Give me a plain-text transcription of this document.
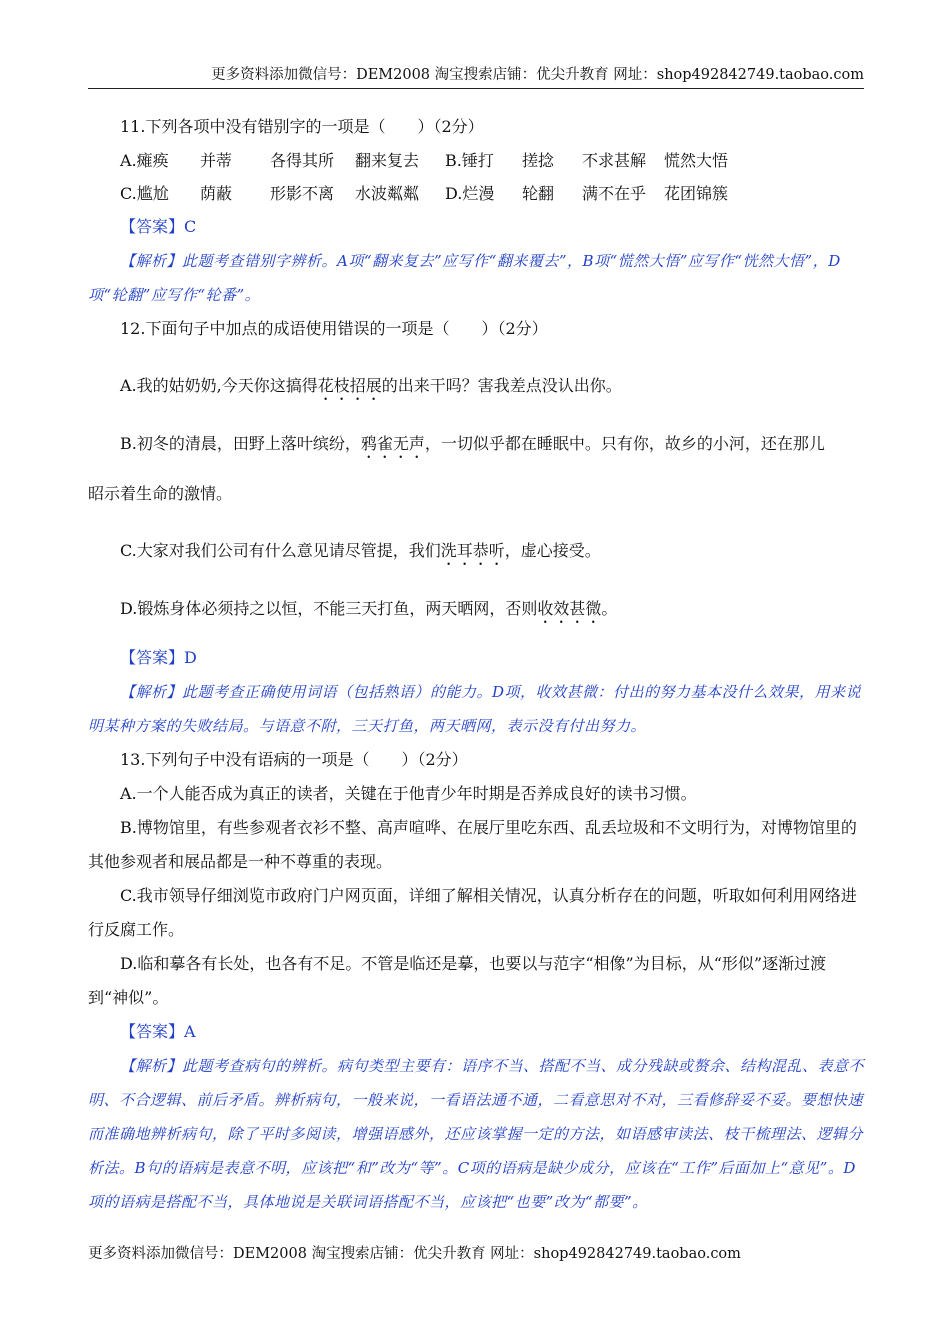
更多资料添加微信号：DEM2008 淘宝搜索店铺：优尖升教育 网址：shop492842749.taobao.com

11.下列各项中没有错别字的一项是（　　）（2分）

A.瘫痪	并蒂	各得其所	翻来复去	B.锤打	搓捻	不求甚解	慌然大悟
C.尴尬	荫蔽	形影不离	水波粼粼	D.烂漫	轮翻	满不在乎	花团锦簇

【答案】C

【解析】此题考查错别字辨析。A项“翻来复去”应写作“翻来覆去”，B项“慌然大悟”应写作“恍然大悟”，D项“轮翻”应写作“轮番”。

12.下面句子中加点的成语使用错误的一项是（　　）（2分）

A.我的姑奶奶,今天你这搞得花枝招展的出来干吗？害我差点没认出你。

B.初冬的清晨，田野上落叶缤纷，鸦雀无声，一切似乎都在睡眠中。只有你，故乡的小河，还在那儿

昭示着生命的激情。

C.大家对我们公司有什么意见请尽管提，我们洗耳恭听，虚心接受。

D.锻炼身体必须持之以恒，不能三天打鱼，两天晒网，否则收效甚微。

【答案】D

【解析】此题考查正确使用词语（包括熟语）的能力。D项，收效甚微：付出的努力基本没什么效果，用来说明某种方案的失败结局。与语意不附，三天打鱼，两天晒网，表示没有付出努力。

13.下列句子中没有语病的一项是（　　）（2分）

A.一个人能否成为真正的读者，关键在于他青少年时期是否养成良好的读书习惯。

B.博物馆里，有些参观者衣衫不整、高声喧哗、在展厅里吃东西、乱丢垃圾和不文明行为，对博物馆里的其他参观者和展品都是一种不尊重的表现。

C.我市领导仔细浏览市政府门户网页面，详细了解相关情况，认真分析存在的问题，听取如何利用网络进行反腐工作。

D.临和摹各有长处，也各有不足。不管是临还是摹，也要以与范字“相像”为目标，从“形似”逐渐过渡到“神似”。

【答案】A

【解析】此题考查病句的辨析。病句类型主要有：语序不当、搭配不当、成分残缺或赘余、结构混乱、表意不明、不合逻辑、前后矛盾。辨析病句，一般来说，一看语法通不通，二看意思对不对，三看修辞妥不妥。要想快速而准确地辨析病句，除了平时多阅读，增强语感外，还应该掌握一定的方法，如语感审读法、枝干梳理法、逻辑分析法。B句的语病是表意不明，应该把“和”改为“等”。C项的语病是缺少成分，应该在“工作”后面加上“意见”。D项的语病是搭配不当，具体地说是关联词语搭配不当，应该把“也要”改为“都要”。

更多资料添加微信号：DEM2008 淘宝搜索店铺：优尖升教育 网址：shop492842749.taobao.com
